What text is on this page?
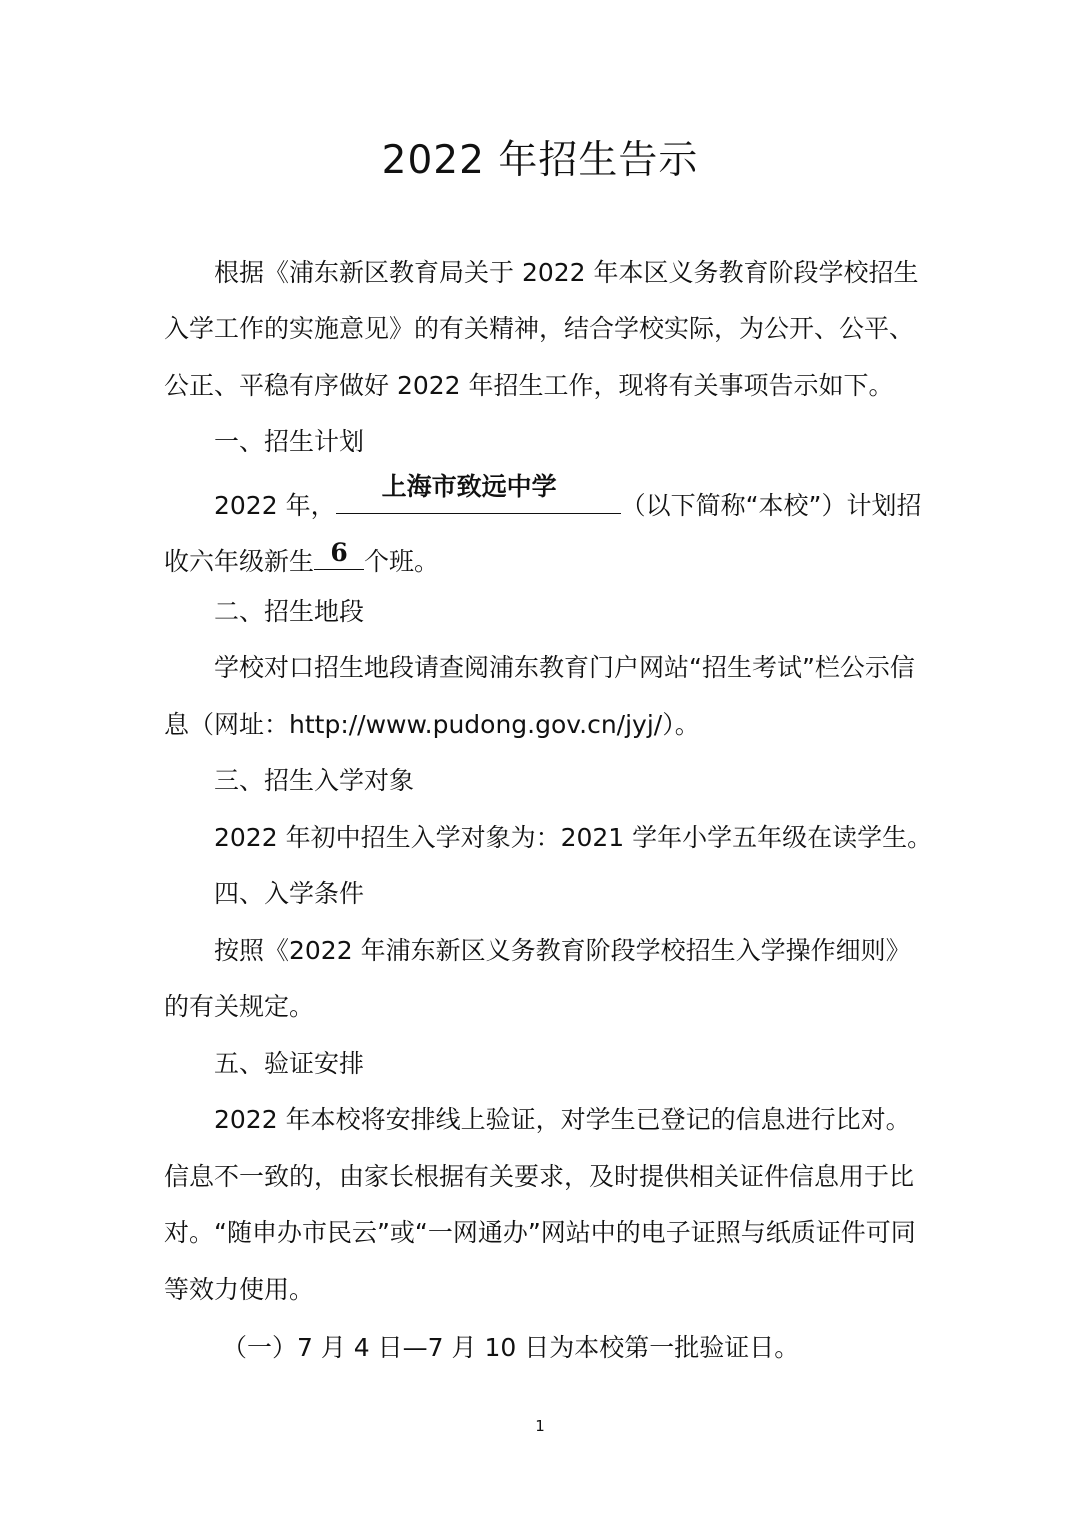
2022 年招生告示
根据《浦东新区教育局关于 2022 年本区义务教育阶段学校招生
入学工作的实施意见》的有关精神，结合学校实际，为公开、公平、
公正、平稳有序做好 2022 年招生工作，现将有关事项告示如下。
一、招生计划
2022 年，
上海市致远中学
（以下简称“本校”）计划招
收六年级新生 6 个班。
二、招生地段
学校对口招生地段请查阅浦东教育门户网站“招生考试”栏公示信
息（网址：http://www.pudong.gov.cn/jyj/）。
三、招生入学对象
2022 年初中招生入学对象为：2021 学年小学五年级在读学生。
四、入学条件
按照《2022 年浦东新区义务教育阶段学校招生入学操作细则》
的有关规定。
五、验证安排
2022 年本校将安排线上验证，对学生已登记的信息进行比对。
信息不一致的，由家长根据有关要求，及时提供相关证件信息用于比
对。“随申办市民云”或“一网通办”网站中的电子证照与纸质证件可同
等效力使用。
（一）7 月 4 日—7 月 10 日为本校第一批验证日。
1
